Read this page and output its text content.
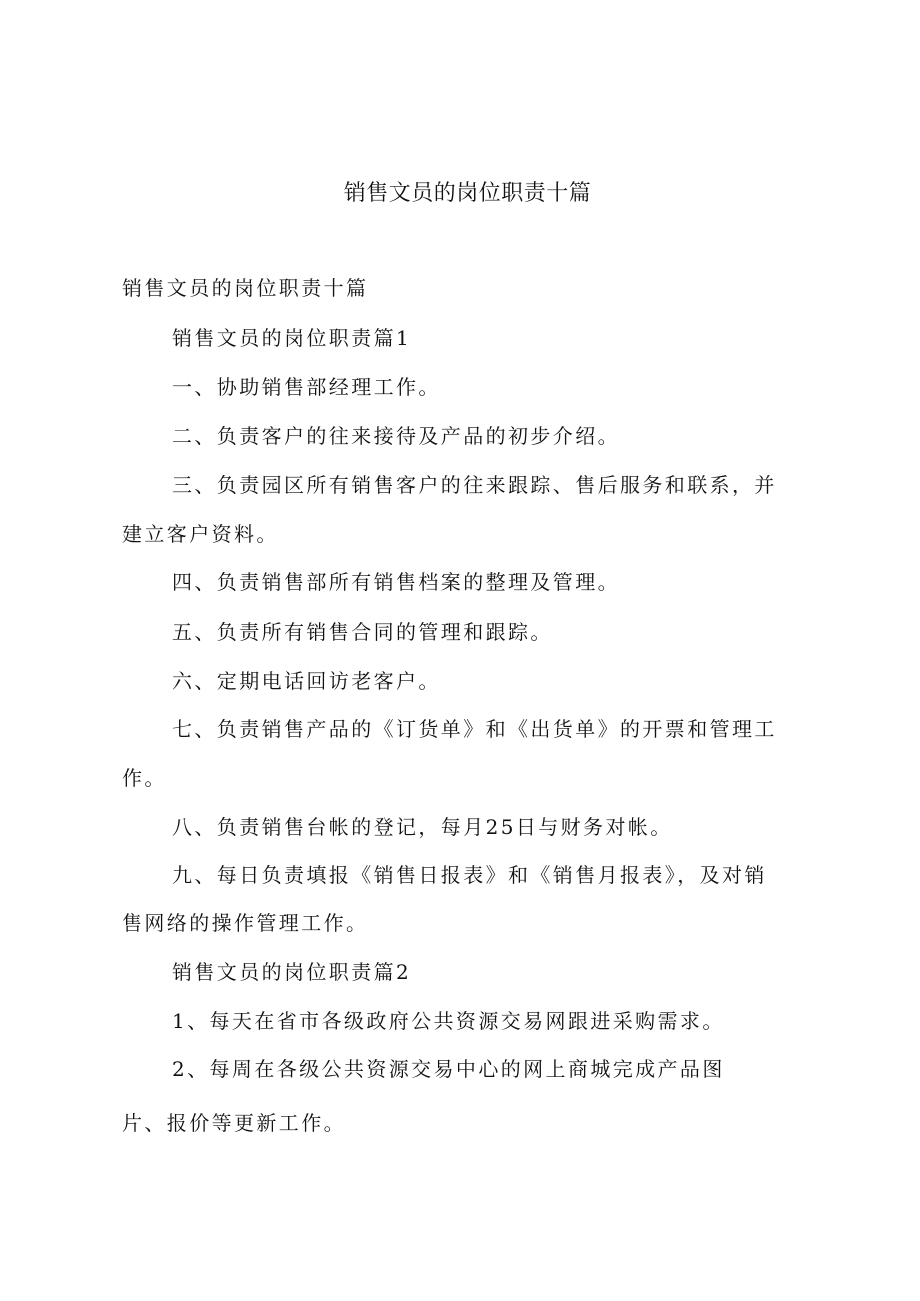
销售文员的岗位职责十篇

销售文员的岗位职责十篇

销售文员的岗位职责篇1

一、协助销售部经理工作。

二、负责客户的往来接待及产品的初步介绍。

三、负责园区所有销售客户的往来跟踪、售后服务和联系，并

建立客户资料。

四、负责销售部所有销售档案的整理及管理。

五、负责所有销售合同的管理和跟踪。

六、定期电话回访老客户。

七、负责销售产品的《订货单》和《出货单》的开票和管理工

作。

八、负责销售台帐的登记，每月25日与财务对帐。

九、每日负责填报《销售日报表》和《销售月报表》，及对销

售网络的操作管理工作。

销售文员的岗位职责篇2

1、每天在省市各级政府公共资源交易网跟进采购需求。

2、每周在各级公共资源交易中心的网上商城完成产品图

片、报价等更新工作。
